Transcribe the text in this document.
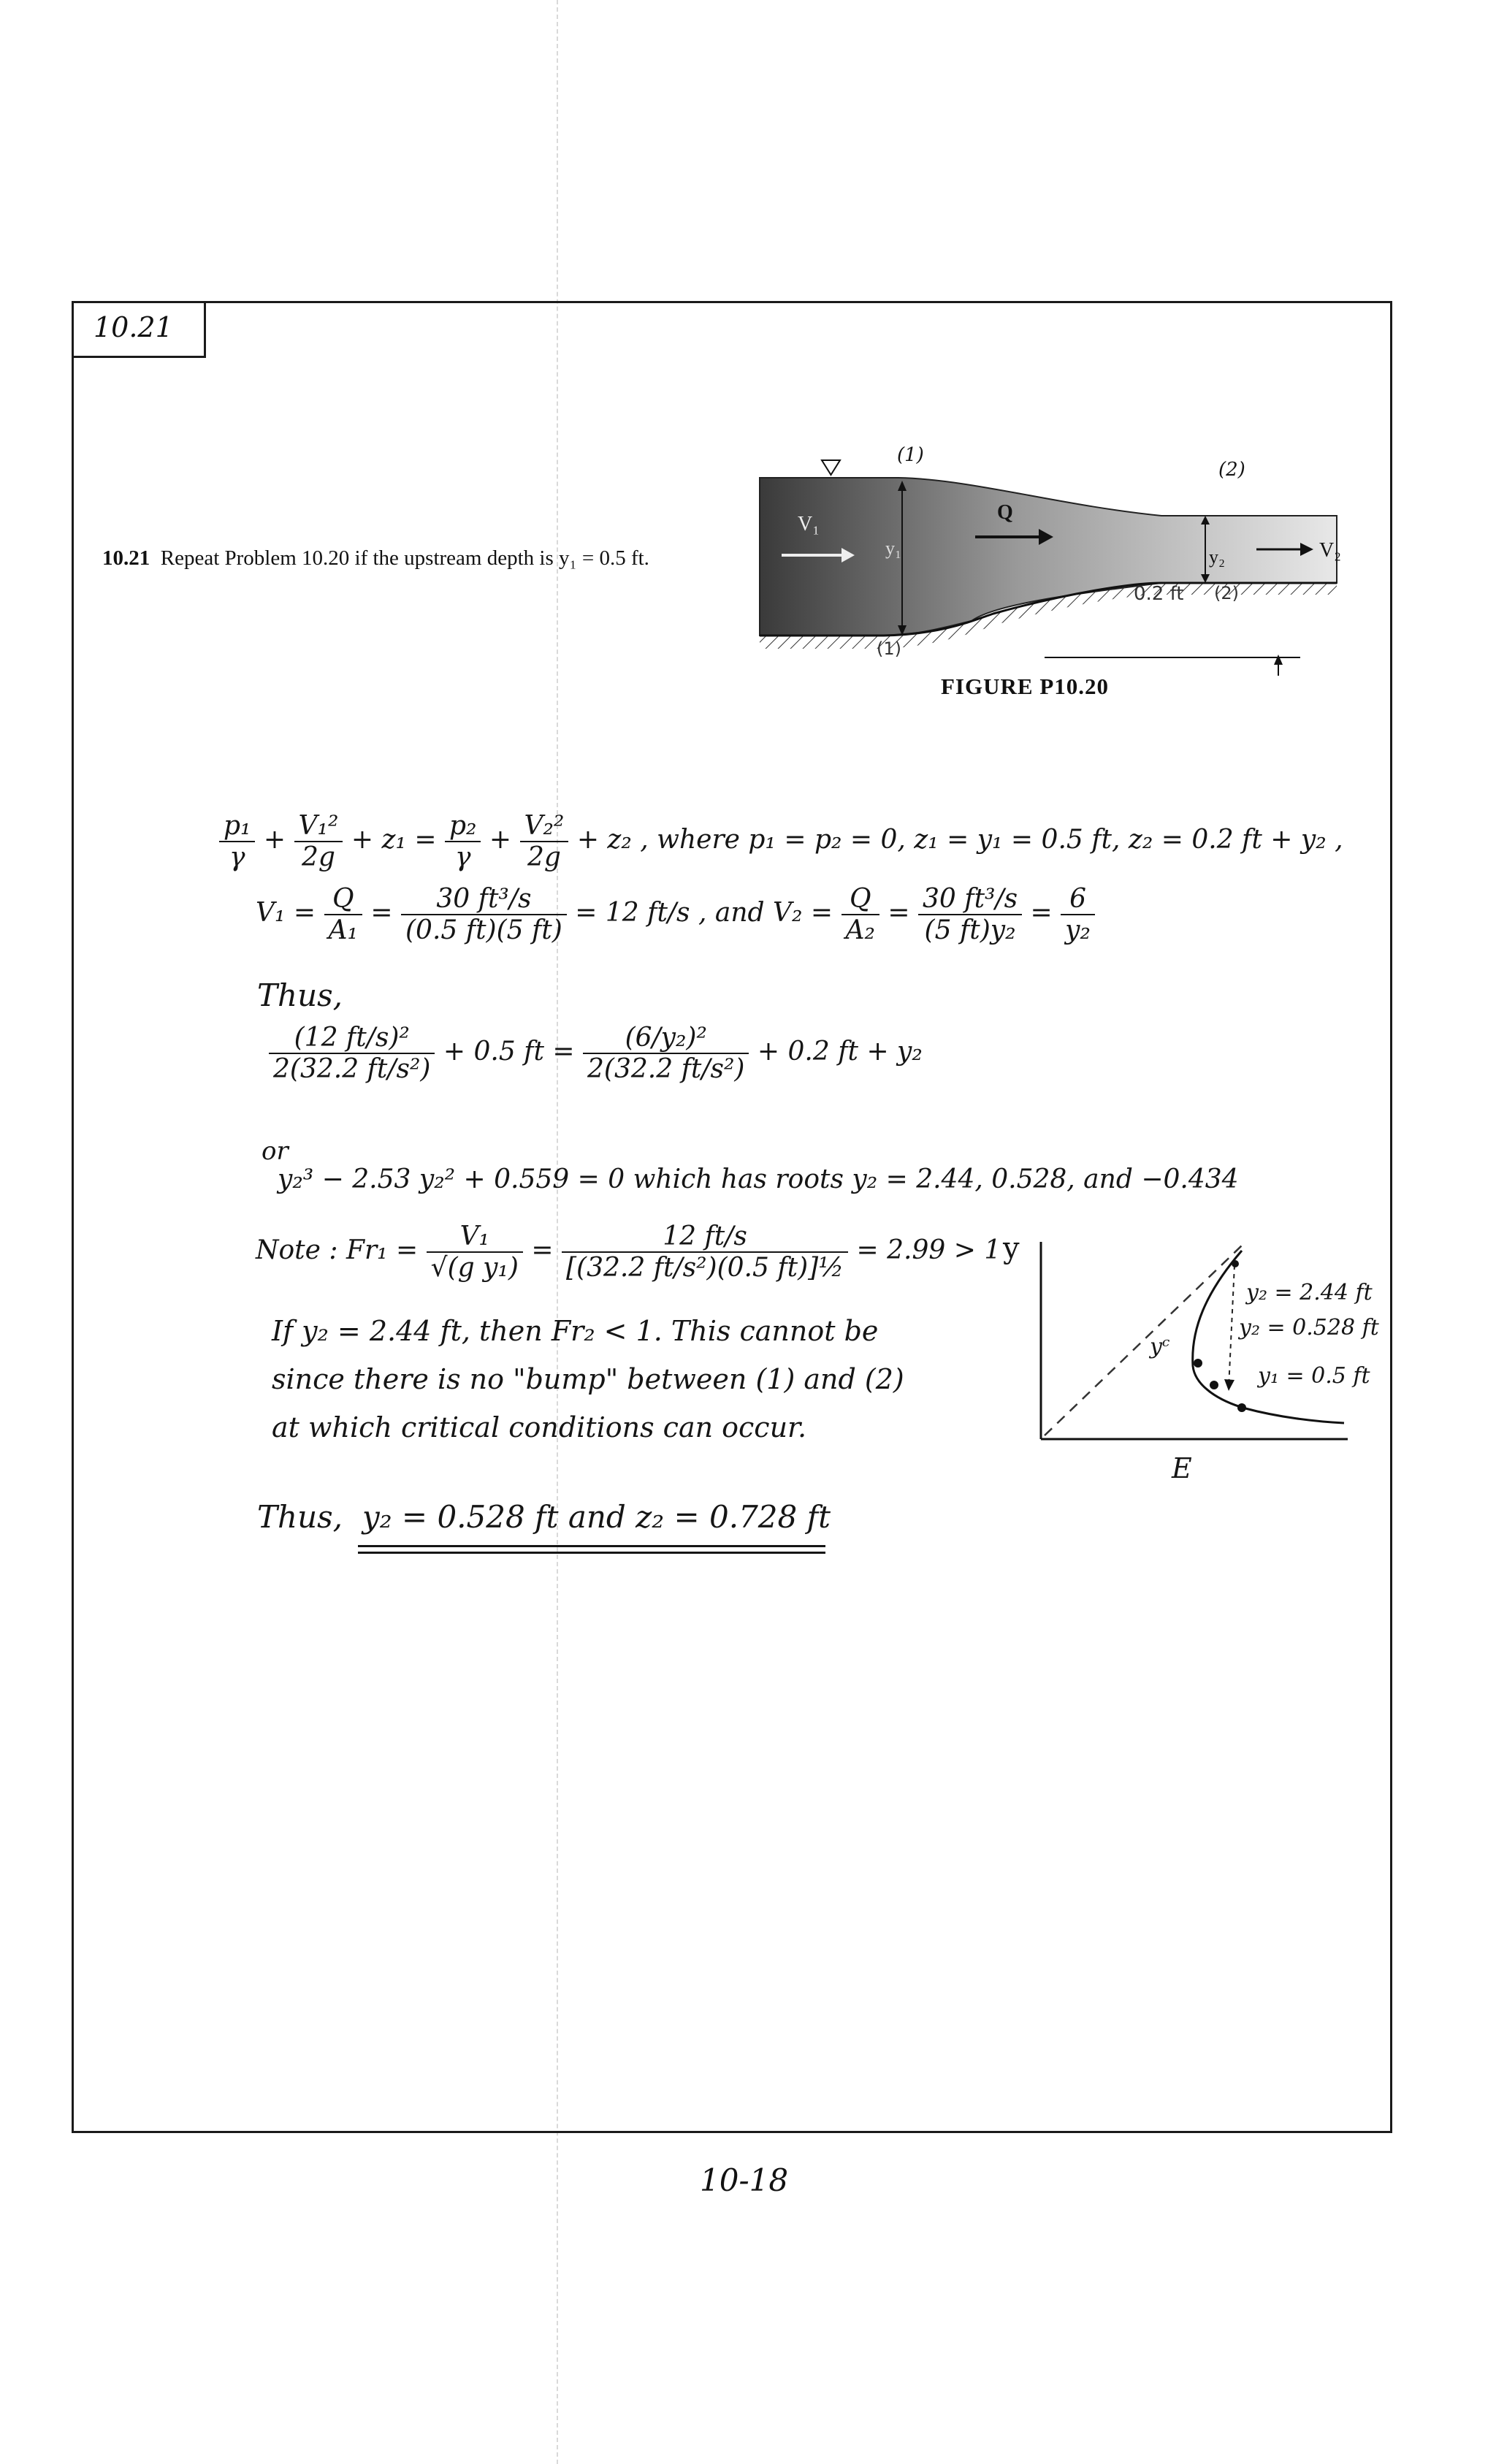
10.21
10.21 Repeat Problem 10.20 if the upstream depth is y₁ = 0.5 ft.
(1)
(2)
V₁
y₁
Q
y₂	V₂
0.2 ft (2)
(1)
FIGURE P10.20
$\frac{\text{p₁}}{\gamma} + \frac{\text{V₁²}}{2g} + z_1 = \frac{\text{p₂}}{\gamma} + \frac{\text{V₂²}}{2g} + z_2$ , where p₁ = p₂ = 0, z₁ = y₁ = 0.5 ft, z₂ = 0.2 ft + y₂ ,
$V_1 = \frac{Q}{\text{A₁}} = \frac{\text{30 ft³/s}}{(0.5 ft)(5 ft)} = 12$ ft/s , and $V_2 = \frac{Q}{\text{A₂}} = \frac{\text{30 ft³/s}}{\text{(5 ft)y₂}} = \frac{6}{\text{y₂}}$
Thus,
$\frac{\text{(12 ft/s)²}}{\text{2(32.2 ft/s²)}} + 0.5$ ft = $\frac{\text{(6/y₂)²}}{\text{2(32.2 ft/s²)}} + 0.2$ ft + y₂
or
y₂³ − 2.53 y₂² + 0.559 = 0 which has roots y₂ = 2.44, 0.528, and −0.434
Note : $Fr_1 = \frac{\text{V₁}}{\text{√(g y₁)}} = \frac{12 ft/s}{\text{[(32.2 ft/s²)(0.5 ft)]½}} = 2.99 > 1$
If y₂ = 2.44 ft, then Fr₂ < 1. This cannot be
since there is no "bump" between (1) and (2)
at which critical conditions can occur.
Thus, y₂ = 0.528 ft and z₂ = 0.728 ft
y
E
y₂ = 2.44 ft
y₂ = 0.528 ft
y₁ = 0.5 ft
yᶜ
10-18
